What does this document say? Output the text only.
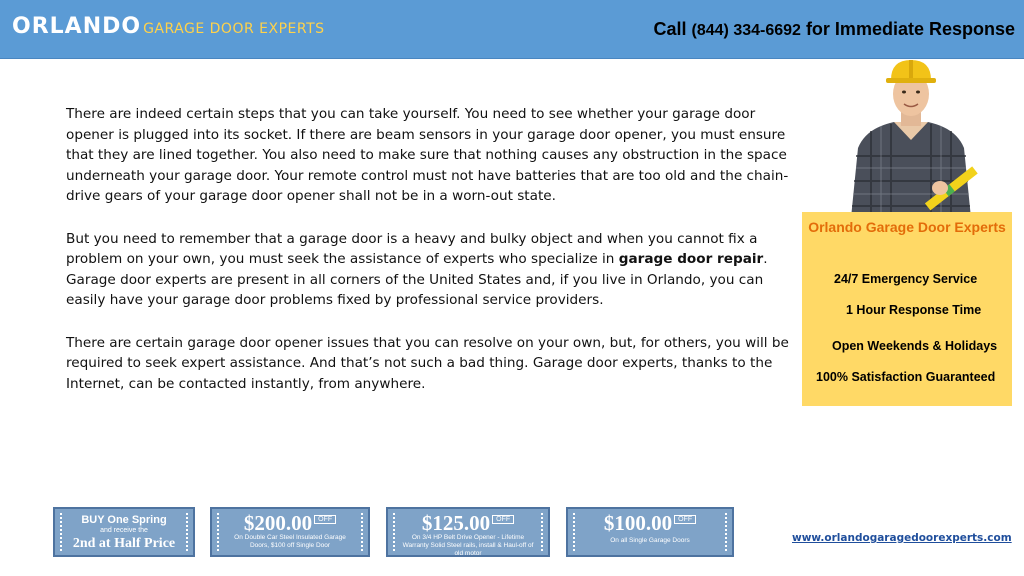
ORLANDO GARAGE DOOR EXPERTS	Call (844) 334-6692 for Immediate Response

There are indeed certain steps that you can take yourself. You need to see whether your garage door opener is plugged into its socket. If there are beam sensors in your garage door opener, you must ensure that they are lined together. You also need to make sure that nothing causes any obstruction in the space underneath your garage door. Your remote control must not have batteries that are too old and the chain-drive gears of your garage door opener shall not be in a worn-out state.

But you need to remember that a garage door is a heavy and bulky object and when you cannot fix a problem on your own, you must seek the assistance of experts who specialize in garage door repair. Garage door experts are present in all corners of the United States and, if you live in Orlando, you can easily have your garage door problems fixed by professional service providers.

There are certain garage door opener issues that you can resolve on your own, but, for others, you will be required to seek expert assistance. And that’s not such a bad thing. Garage door experts, thanks to the Internet, can be contacted instantly, from anywhere.

Orlando Garage Door Experts
24/7 Emergency Service
1 Hour Response Time
Open Weekends & Holidays
100% Satisfaction Guaranteed
BUY One Spring
and receive the
2nd at Half Price
$200.00 OFF
On Double Car Steel Insulated Garage Doors, $100 off Single Door
$125.00 OFF
On 3/4 HP Belt Drive Opener - Lifetime Warranty Solid Steel rails, install & Haul-off of old motor
$100.00 OFF
On all Single Garage Doors	www.orlandogaragedoorexperts.com
